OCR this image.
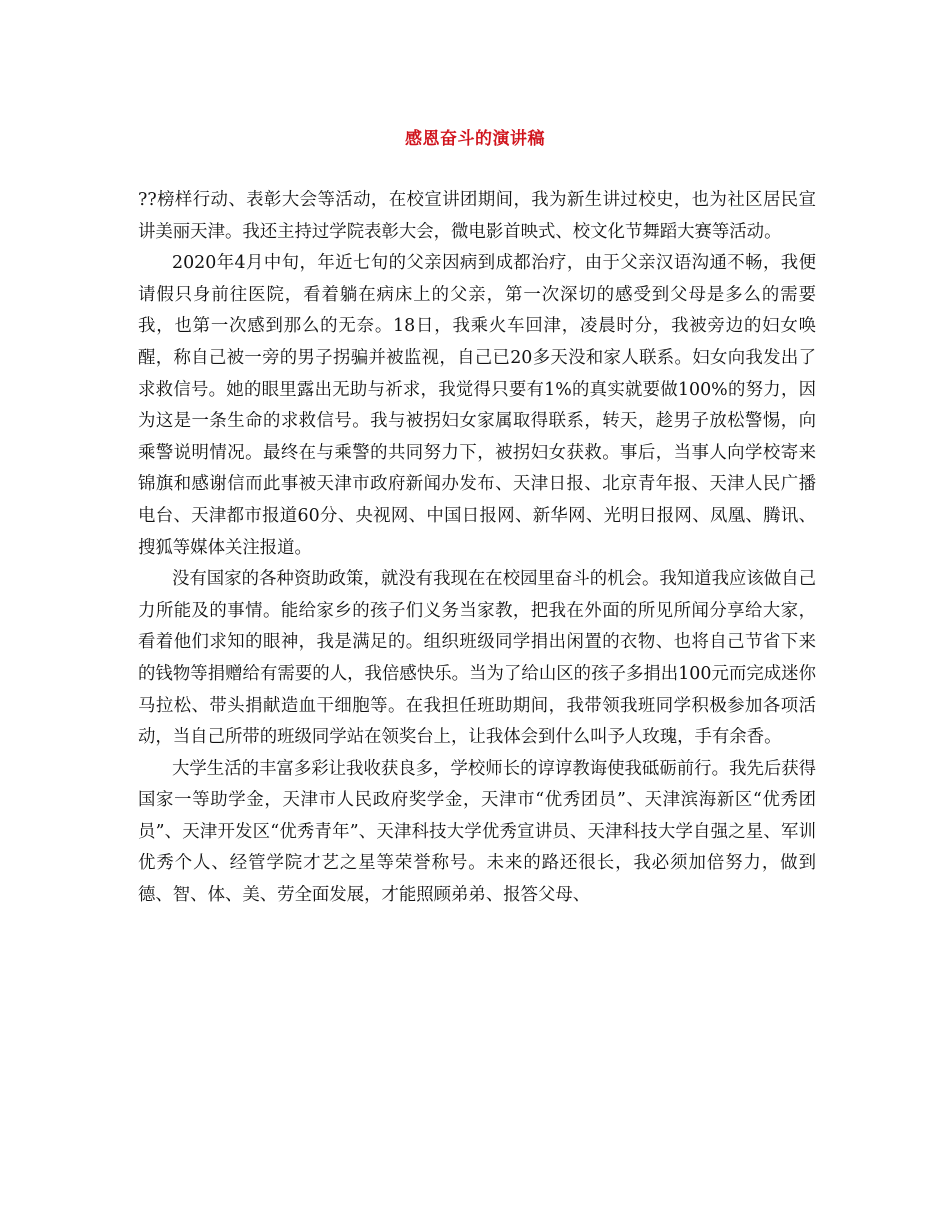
感恩奋斗的演讲稿

??榜样行动、表彰大会等活动，在校宣讲团期间，我为新生讲过校史，也为社区居民宣讲美丽天津。我还主持过学院表彰大会，微电影首映式、校文化节舞蹈大赛等活动。

2020年4月中旬，年近七旬的父亲因病到成都治疗，由于父亲汉语沟通不畅，我便请假只身前往医院，看着躺在病床上的父亲，第一次深切的感受到父母是多么的需要我，也第一次感到那么的无奈。18日，我乘火车回津，凌晨时分，我被旁边的妇女唤醒，称自己被一旁的男子拐骗并被监视，自己已20多天没和家人联系。妇女向我发出了求救信号。她的眼里露出无助与祈求，我觉得只要有1%的真实就要做100%的努力，因为这是一条生命的求救信号。我与被拐妇女家属取得联系，转天，趁男子放松警惕，向乘警说明情况。最终在与乘警的共同努力下，被拐妇女获救。事后，当事人向学校寄来锦旗和感谢信而此事被天津市政府新闻办发布、天津日报、北京青年报、天津人民广播电台、天津都市报道60分、央视网、中国日报网、新华网、光明日报网、凤凰、腾讯、搜狐等媒体关注报道。

没有国家的各种资助政策，就没有我现在在校园里奋斗的机会。我知道我应该做自己力所能及的事情。能给家乡的孩子们义务当家教，把我在外面的所见所闻分享给大家， 看着他们求知的眼神，我是满足的。组织班级同学捐出闲置的衣物、也将自己节省下来的钱物等捐赠给有需要的人，我倍感快乐。当为了给山区的孩子多捐出100元而完成迷你马拉松、带头捐献造血干细胞等。在我担任班助期间，我带领我班同学积极参加各项活动，当自己所带的班级同学站在领奖台上，让我体会到什么叫予人玫瑰，手有余香。

大学生活的丰富多彩让我收获良多，学校师长的谆谆教诲使我砥砺前行。我先后获得国家一等助学金，天津市人民政府奖学金，天津市“优秀团员”、天津滨海新区“优秀团员”、天津开发区“优秀青年”、天津科技大学优秀宣讲员、天津科技大学自强之星、军训优秀个人、经管学院才艺之星等荣誉称号。未来的路还很长，我必须加倍努力，做到德、智、体、美、劳全面发展，才能照顾弟弟、报答父母、
